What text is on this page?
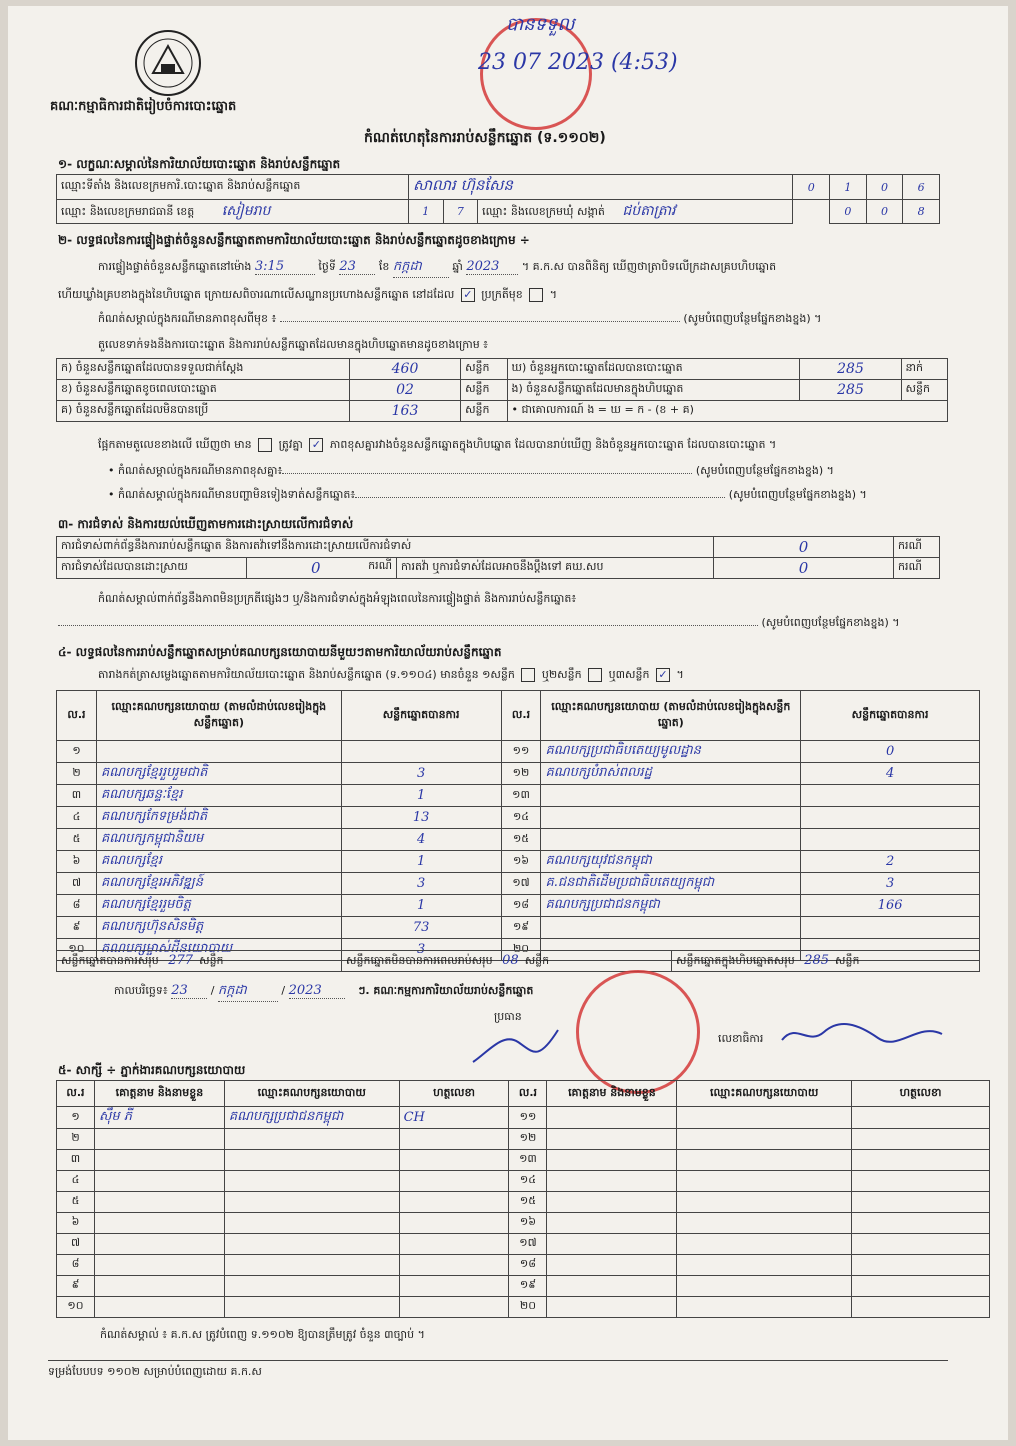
បានទទួល
23 07 2023 (4:53)
គណៈកម្មាធិការជាតិរៀបចំការបោះឆ្នោត
កំណត់ហេតុនៃការរាប់សន្លឹកឆ្នោត (ទ.១១០២)
១- លក្ខណៈសម្គាល់នៃការិយាល័យបោះឆ្នោត និងរាប់សន្លឹកឆ្នោត
ឈ្មោះទីតាំង និងលេខក្រមការិ.បោះឆ្នោត និងរាប់សន្លឹកឆ្នោត	សាលារ ហ៊ុនសែន			0	1	0	6
ឈ្មោះ និងលេខក្រមរាជធានី ខេត្ត សៀមរាប	1	7	ឈ្មោះ និងលេខក្រមឃុំ សង្កាត់ ជប់តាត្រាវ		0	0	8
២- លទ្ធផលនៃការផ្ទៀងផ្ទាត់ចំនួនសន្លឹកឆ្នោតតាមការិយាល័យបោះឆ្នោត និងរាប់សន្លឹកឆ្នោតដូចខាងក្រោម ÷
ការផ្ទៀងផ្ទាត់ចំនួនសន្លឹកឆ្នោតនៅម៉ោង 3:15	ថ្ងៃទី 23 ខែ កក្កដា	ឆ្នាំ 2023 ។ គ.ក.ស បានពិនិត្យ ឃើញថាត្រាបិទលើក្រដាសគ្របហិបឆ្នោត
ហើយឃ្លាំងគ្របខាងក្នុងនៃហិបឆ្នោត ក្រោយសពិចារណាលើសណ្ឋានប្រហោងសន្លឹកឆ្នោត នៅដដែល ✓ ប្រក្រតីមុខ  ។
កំណត់សម្គាល់ក្នុងករណីមានភាពខុសពីមុខ ៖	(សូមបំពេញបន្ថែមផ្នែកខាងខ្នង) ។
តួលេខទាក់ទងនឹងការបោះឆ្នោត និងការរាប់សន្លឹកឆ្នោតដែលមានក្នុងហិបឆ្នោតមានដូចខាងក្រោម ៖
ក) ចំនួនសន្លឹកឆ្នោតដែលបានទទួលជាក់ស្តែង	460	សន្លឹក	ឃ) ចំនួនអ្នកបោះឆ្នោតដែលបានបោះឆ្នោត	285	នាក់
ខ) ចំនួនសន្លឹកឆ្នោតខូចពេលបោះឆ្នោត	02	សន្លឹក	ង) ចំនួនសន្លឹកឆ្នោតដែលមានក្នុងហិបឆ្នោត	285	សន្លឹក
គ) ចំនួនសន្លឹកឆ្នោតដែលមិនបានប្រើ	163	សន្លឹក	• ជាគោលការណ៍ ង = ឃ = ក - (ខ + គ)		
ផ្អែកតាមតួលេខខាងលើ ឃើញថា មាន ត្រូវគ្នា ✓ ភាពខុសគ្នារវាងចំនួនសន្លឹកឆ្នោតក្នុងហិបឆ្នោត ដែលបានរាប់ឃើញ និងចំនួនអ្នកបោះឆ្នោត ដែលបានបោះឆ្នោត ។
• កំណត់សម្គាល់ក្នុងករណីមានភាពខុសគ្នា៖	(សូមបំពេញបន្ថែមផ្នែកខាងខ្នង) ។
• កំណត់សម្គាល់ក្នុងករណីមានបញ្ហាមិនទៀងទាត់សន្លឹកឆ្នោត៖	(សូមបំពេញបន្ថែមផ្នែកខាងខ្នង) ។
៣- ការជំទាស់ និងការយល់ឃើញតាមការដោះស្រាយលើការជំទាស់
ការជំទាស់ពាក់ព័ន្ធនឹងការរាប់សន្លឹកឆ្នោត និងការតវ៉ាទៅនឹងការដោះស្រាយលើការជំទាស់			0	ករណី
ការជំទាស់ដែលបានដោះស្រាយ	0 ករណី	ការតវ៉ា ឬការជំទាស់ដែលអាចនឹងប្តឹងទៅ គឃ.សប	0	ករណី
កំណត់សម្គាល់ពាក់ព័ន្ធនឹងភាពមិនប្រក្រតីផ្សេងៗ ឬ/និងការជំទាស់ក្នុងអំឡុងពេលនៃការផ្ទៀងផ្ទាត់ និងការរាប់សន្លឹកឆ្នោត៖
(សូមបំពេញបន្ថែមផ្នែកខាងខ្នង) ។
៤- លទ្ធផលនៃការរាប់សន្លឹកឆ្នោតសម្រាប់គណបក្សនយោបាយនីមួយៗតាមការិយាល័យរាប់សន្លឹកឆ្នោត
តារាងកត់ត្រាសម្លេងឆ្នោតតាមការិយាល័យបោះឆ្នោត និងរាប់សន្លឹកឆ្នោត (ទ.១១០៤) មានចំនួន ១សន្លឹក ឬ២សន្លឹក ឬ៣សន្លឹក ✓ ។
ល.រ	ឈ្មោះគណបក្សនយោបាយ (តាមលំដាប់លេខរៀងក្នុងសន្លឹកឆ្នោត)	សន្លឹកឆ្នោតបានការ	ល.រ	ឈ្មោះគណបក្សនយោបាយ (តាមលំដាប់លេខរៀងក្នុងសន្លឹកឆ្នោត)	សន្លឹកឆ្នោតបានការ
១			១១	គណបក្សប្រជាធិបតេយ្យមូលដ្ឋាន	0
២	គណបក្សខ្មែររួបរួមជាតិ	3	១២	គណបក្សបំរាស់ពលរដ្ឋ	4
៣	គណបក្សឆន្ទៈខ្មែរ	1	១៣		
៤	គណបក្សកែទម្រង់ជាតិ	13	១៤		
៥	គណបក្សកម្ពុជានិយម	4	១៥		
៦	គណបក្សខ្មែរ	1	១៦	គណបក្សយុវជនកម្ពុជា	2
៧	គណបក្សខ្មែរអភិវឌ្ឍន៍	3	១៧	គ.ជនជាតិដើមប្រជាធិបតេយ្យកម្ពុជា	3
៨	គណបក្សខ្មែររួមចិត្ត	1	១៨	គណបក្សប្រជាជនកម្ពុជា	166
៩	គណបក្សហ៊ុនសិនមិត្ត	73	១៩		
១០	គណបក្សម្ចាស់ដីនយោបាយ	3	២០		
សន្លឹកឆ្នោតបានការសរុប 277 សន្លឹក	សន្លឹកឆ្នោតមិនបានការពេលរាប់សរុប 08 សន្លឹក	សន្លឹកឆ្នោតក្នុងហិបឆ្នោតសរុប 285 សន្លឹក
កាលបរិច្ឆេទ៖ 23 / កក្កដា	/ 2023	ៗ. គណៈកម្មការការិយាល័យរាប់សន្លឹកឆ្នោត
ប្រធាន
លេខាធិការ
៥- សាក្សី ÷ ភ្នាក់ងារគណបក្សនយោបាយ
ល.រ	គោត្តនាម និងនាមខ្លួន	ឈ្មោះគណបក្សនយោបាយ	ហត្ថលេខា	ល.រ	គោត្តនាម និងនាមខ្លួន	ឈ្មោះគណបក្សនយោបាយ	ហត្ថលេខា
១	ស៊ឹម ភី	គណបក្សប្រជាជនកម្ពុជា	CH	១១			
២				១២			
៣				១៣			
៤				១៤			
៥				១៥			
៦				១៦			
៧				១៧			
៨				១៨			
៩				១៩			
១០				២០			
កំណត់សម្គាល់ ៖ គ.ក.ស ត្រូវបំពេញ ទ.១១០២ ឱ្យបានត្រឹមត្រូវ ចំនួន ៣ច្បាប់ ។
ទម្រង់បែបបទ ១១០២ សម្រាប់បំពេញដោយ គ.ក.ស
